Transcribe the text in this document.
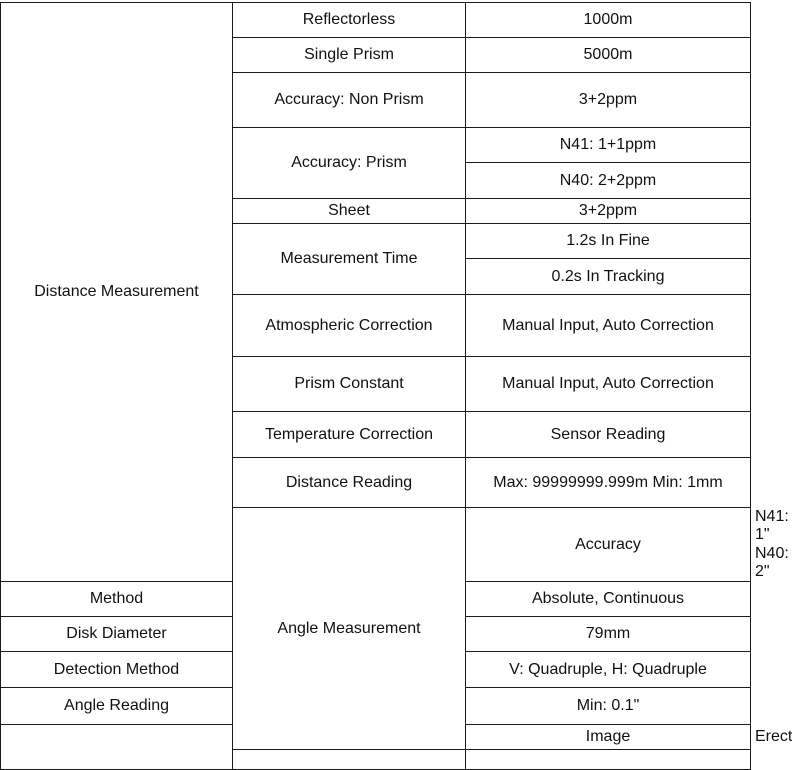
Distance Measurement	Reflectorless	1000m	
	Single Prism	5000m	
	Accuracy: Non Prism	3+2ppm	
	Accuracy: Prism	N41: 1+1ppm	
		N40: 2+2ppm	
	Sheet	3+2ppm	
	Measurement Time	1.2s In Fine	
		0.2s In Tracking	
	Atmospheric Correction	Manual Input, Auto Correction	
	Prism Constant	Manual Input, Auto Correction	
	Temperature Correction	Sensor Reading	
	Distance Reading	Max: 99999999.999m Min: 1mm	
	Angle Measurement	Accuracy	N41: 1"
			N40: 2"
Method		Absolute, Continuous	
Disk Diameter		79mm	
Detection Method		V: Quadruple, H: Quadruple	
Angle Reading		Min: 0.1"	
		Image	Erect
